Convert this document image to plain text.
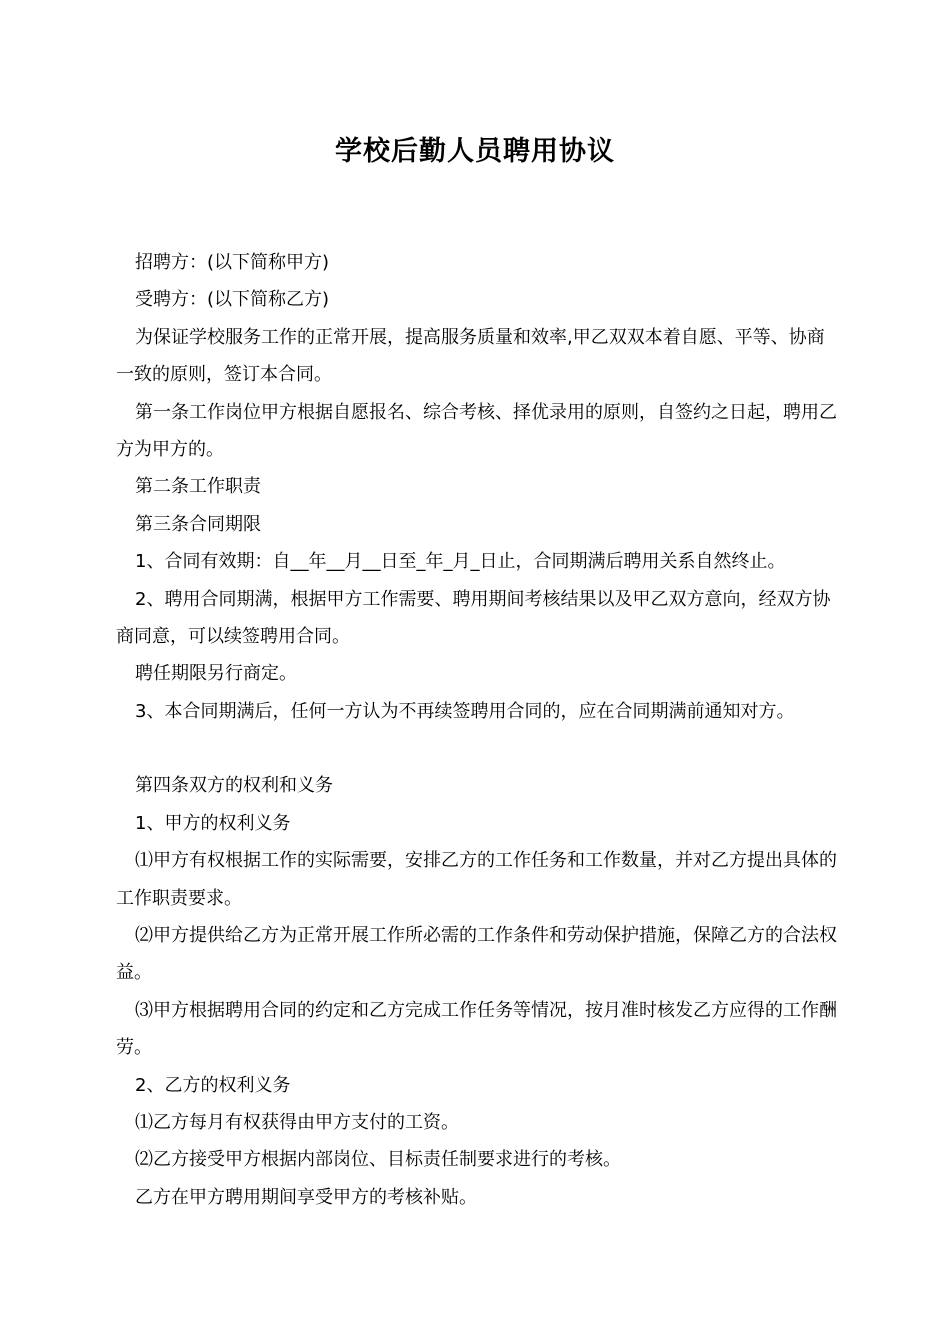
学校后勤人员聘用协议

招聘方：(以下简称甲方)

受聘方：(以下简称乙方)

为保证学校服务工作的正常开展，提高服务质量和效率,甲乙双双本着自愿、平等、协商一致的原则，签订本合同。

第一条工作岗位甲方根据自愿报名、综合考核、择优录用的原则，自签约之日起，聘用乙方为甲方的。

第二条工作职责

第三条合同期限

1、合同有效期：自__年__月__日至_年_月_日止，合同期满后聘用关系自然终止。

2、聘用合同期满，根据甲方工作需要、聘用期间考核结果以及甲乙双方意向，经双方协商同意，可以续签聘用合同。

聘任期限另行商定。

3、本合同期满后，任何一方认为不再续签聘用合同的，应在合同期满前通知对方。

第四条双方的权利和义务

1、甲方的权利义务

⑴甲方有权根据工作的实际需要，安排乙方的工作任务和工作数量，并对乙方提出具体的工作职责要求。

⑵甲方提供给乙方为正常开展工作所必需的工作条件和劳动保护措施，保障乙方的合法权益。

⑶甲方根据聘用合同的约定和乙方完成工作任务等情况，按月准时核发乙方应得的工作酬劳。

2、乙方的权利义务

⑴乙方每月有权获得由甲方支付的工资。

⑵乙方接受甲方根据内部岗位、目标责任制要求进行的考核。

乙方在甲方聘用期间享受甲方的考核补贴。
